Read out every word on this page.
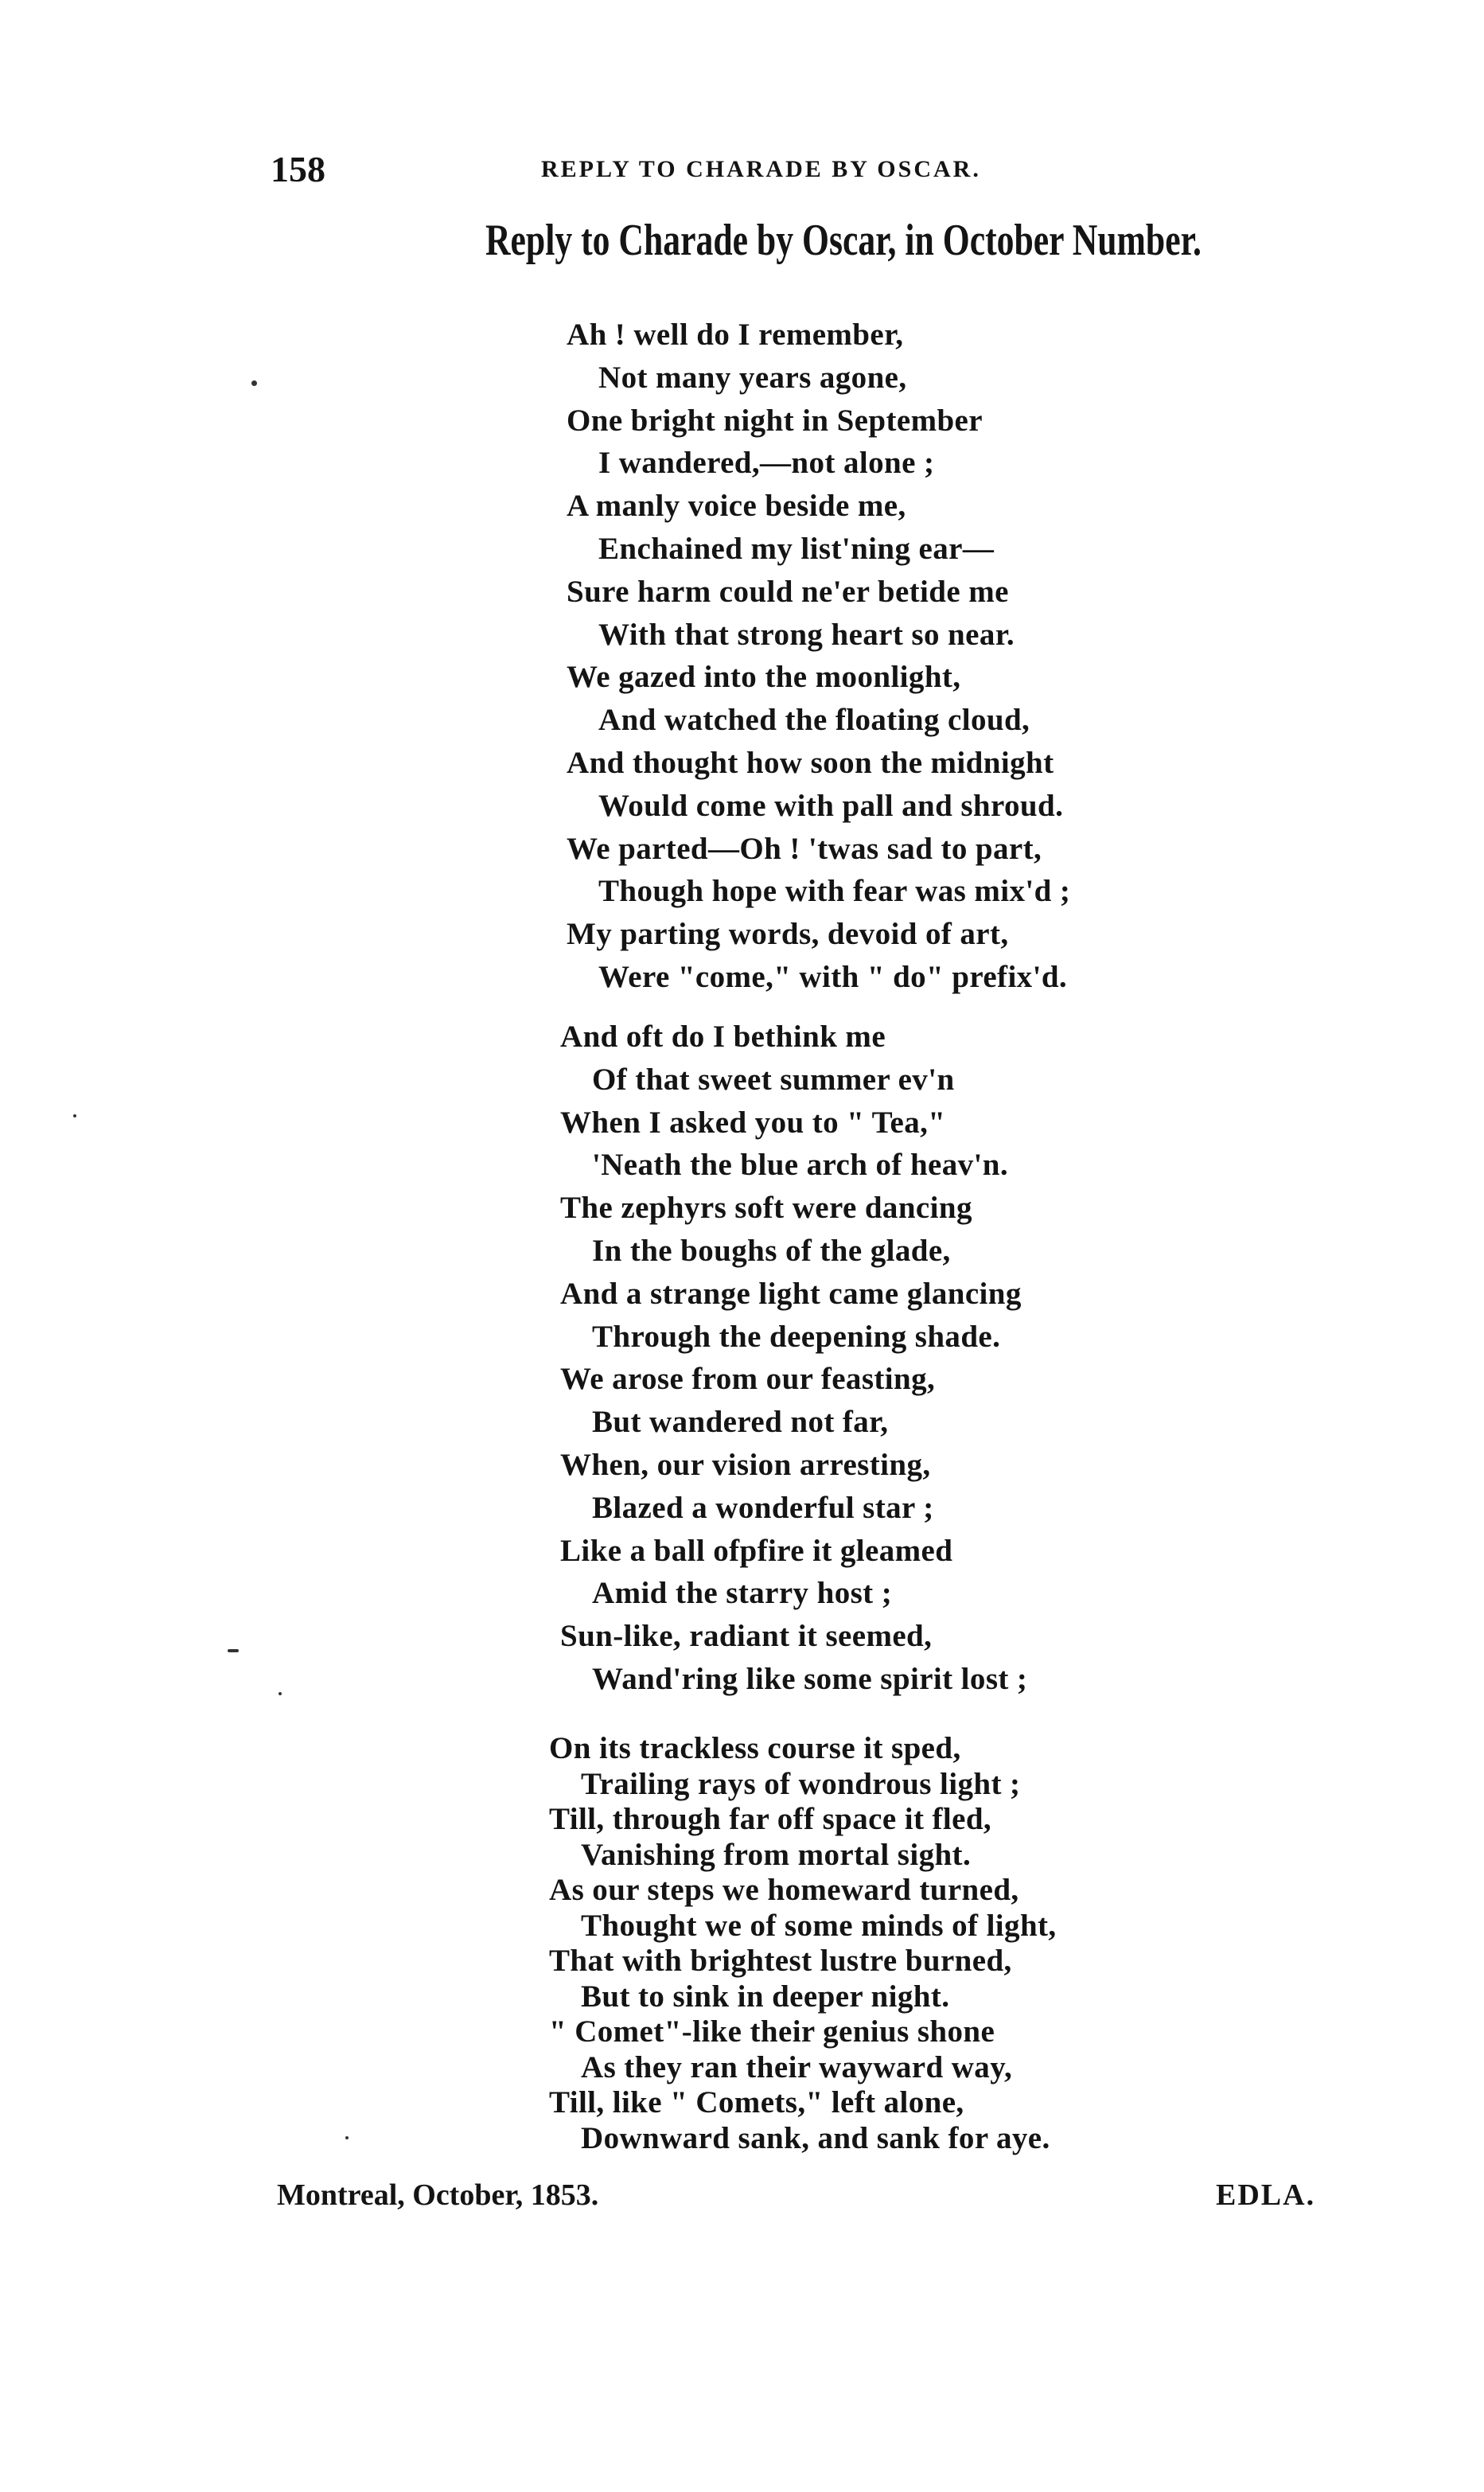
158	REPLY TO CHARADE BY OSCAR.
Reply to Charade by Oscar, in October Number.
Ah ! well do I remember,
Not many years agone,
One bright night in September
I wandered,—not alone ;
A manly voice beside me,
Enchained my list'ning ear—
Sure harm could ne'er betide me
With that strong heart so near.
We gazed into the moonlight,
And watched the floating cloud,
And thought how soon the midnight
Would come with pall and shroud.
We parted—Oh ! 'twas sad to part,
Though hope with fear was mix'd ;
My parting words, devoid of art,
Were "come," with " do" prefix'd.
And oft do I bethink me
Of that sweet summer ev'n
When I asked you to " Tea,"
'Neath the blue arch of heav'n.
The zephyrs soft were dancing
In the boughs of the glade,
And a strange light came glancing
Through the deepening shade.
We arose from our feasting,
But wandered not far,
When, our vision arresting,
Blazed a wonderful star ;
Like a ball ofpfire it gleamed
Amid the starry host ;
Sun-like, radiant it seemed,
Wand'ring like some spirit lost ;
On its trackless course it sped,
Trailing rays of wondrous light ;
Till, through far off space it fled,
Vanishing from mortal sight.
As our steps we homeward turned,
Thought we of some minds of light,
That with brightest lustre burned,
But to sink in deeper night.
" Comet"-like their genius shone
As they ran their wayward way,
Till, like " Comets," left alone,
Downward sank, and sank for aye.
Montreal, October, 1853.	EDLA.
